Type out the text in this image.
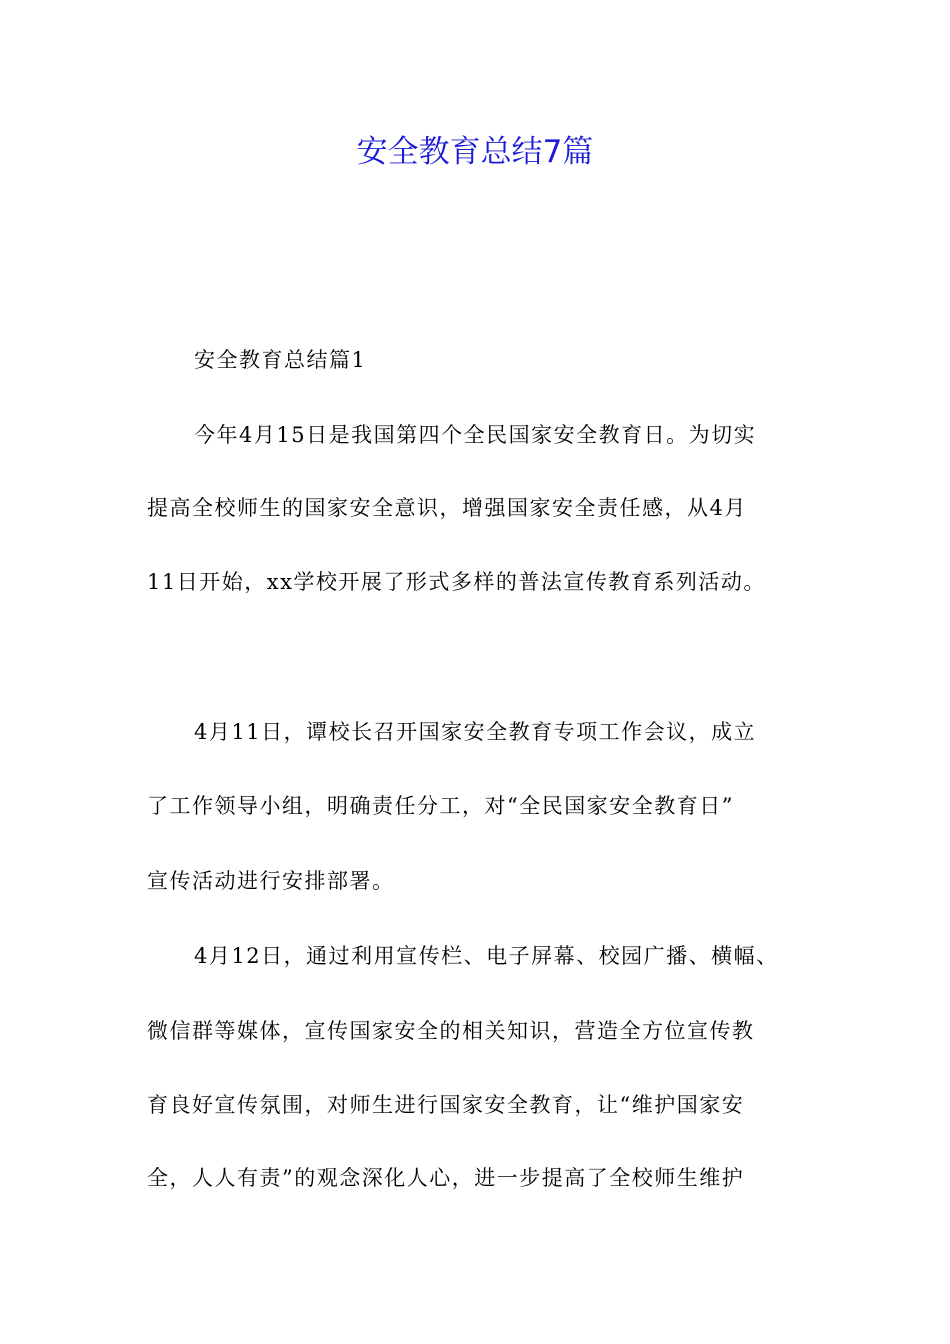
安全教育总结7篇
安全教育总结篇1
今年4月15日是我国第四个全民国家安全教育日。为切实
提高全校师生的国家安全意识，增强国家安全责任感，从4月
11日开始，xx学校开展了形式多样的普法宣传教育系列活动。
4月11日，谭校长召开国家安全教育专项工作会议，成立
了工作领导小组，明确责任分工，对“全民国家安全教育日”
宣传活动进行安排部署。
4月12日，通过利用宣传栏、电子屏幕、校园广播、横幅、
微信群等媒体，宣传国家安全的相关知识，营造全方位宣传教
育良好宣传氛围，对师生进行国家安全教育，让“维护国家安
全，人人有责”的观念深化人心，进一步提高了全校师生维护
